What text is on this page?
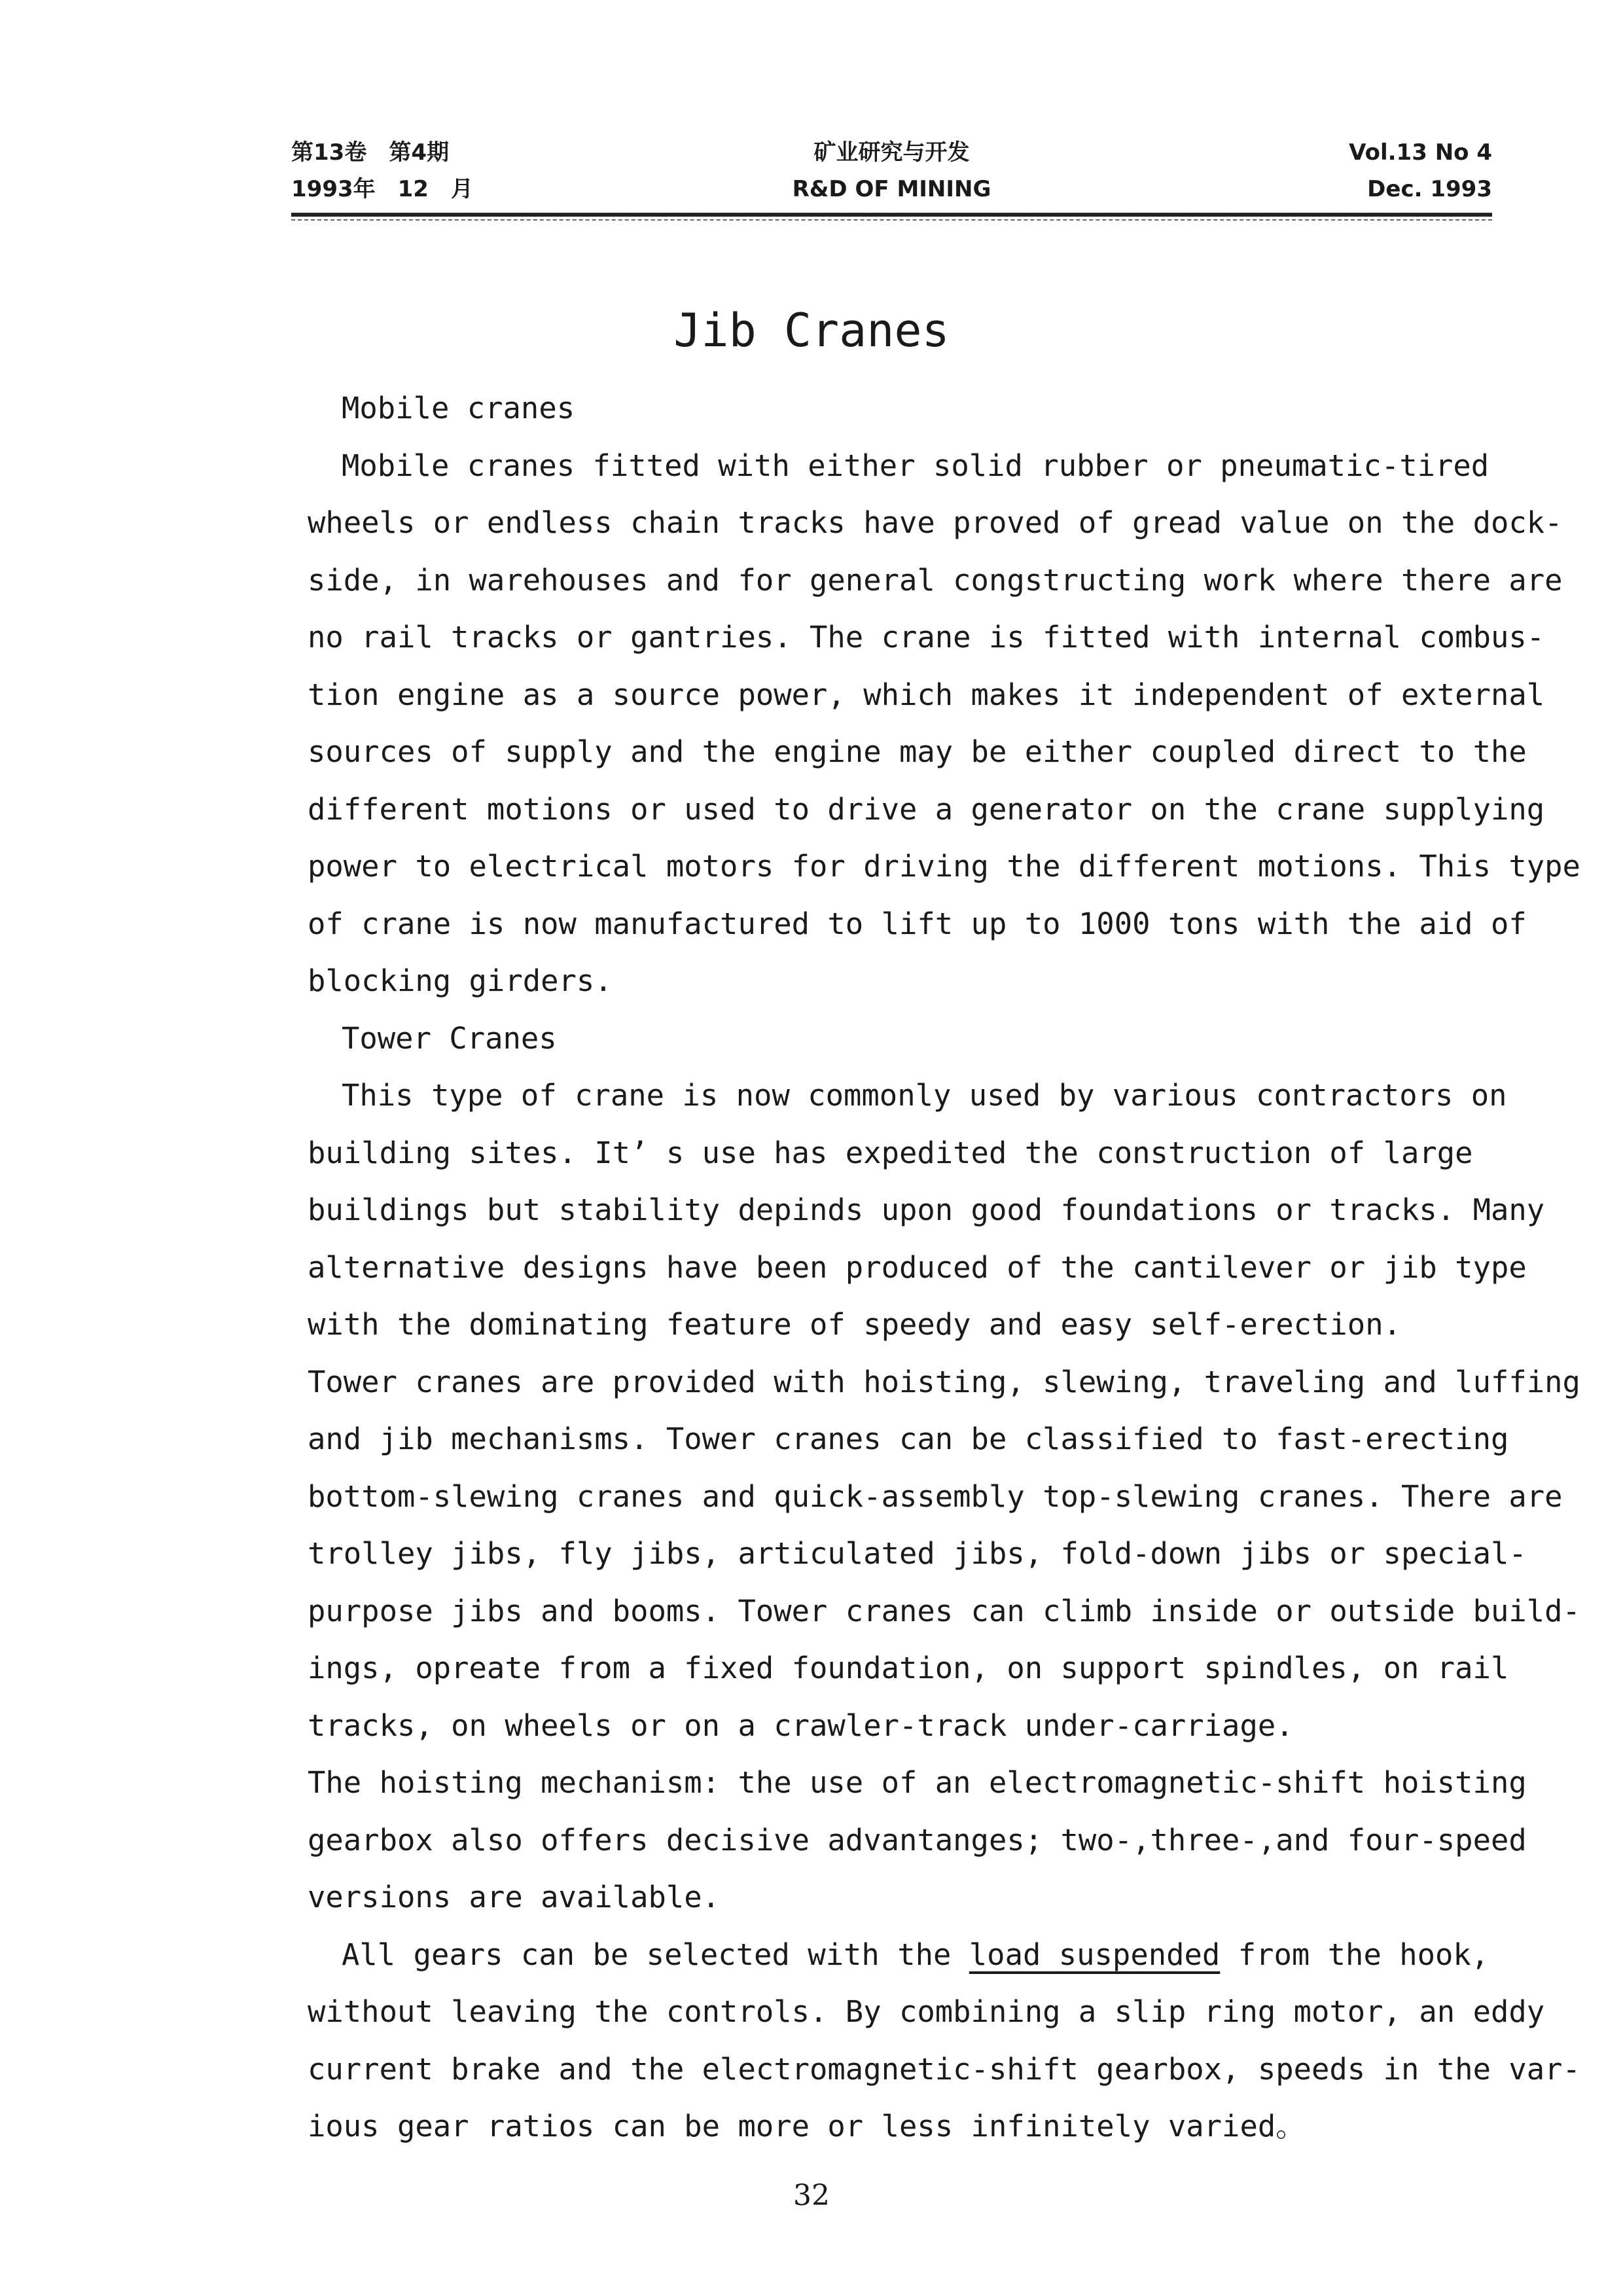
第13卷　第4期
1993年　12　月
矿业研究与开发
R&D OF MINING
Vol.13 No 4
Dec. 1993
Jib Cranes
Mobile cranes
Mobile cranes fitted with either solid rubber or pneumatic-tired
wheels or endless chain tracks have proved of gread value on the dock-
side, in warehouses and for general congstructing work where there are
no rail tracks or gantries. The crane is fitted with internal combus-
tion engine as a source power, which makes it independent of external
sources of supply and the engine may be either coupled direct to the
different motions or used to drive a generator on the crane supplying
power to electrical motors for driving the different motions. This type
of crane is now manufactured to lift up to 1000 tons with the aid of
blocking girders.
Tower Cranes
This type of crane is now commonly used by various contractors on
building sites. It’ s use has expedited the construction of large
buildings but stability depinds upon good foundations or tracks. Many
alternative designs have been produced of the cantilever or jib type
with the dominating feature of speedy and easy self-erection.
Tower cranes are provided with hoisting, slewing, traveling and luffing
and jib mechanisms. Tower cranes can be classified to fast-erecting
bottom-slewing cranes and quick-assembly top-slewing cranes. There are
trolley jibs, fly jibs, articulated jibs, fold-down jibs or special-
purpose jibs and booms. Tower cranes can climb inside or outside build-
ings, opreate from a fixed foundation, on support spindles, on rail
tracks, on wheels or on a crawler-track under-carriage.
The hoisting mechanism: the use of an electromagnetic-shift hoisting
gearbox also offers decisive advantanges; two-,three-,and four-speed
versions are available.
All gears can be selected with the load suspended from the hook,
without leaving the controls. By combining a slip ring motor, an eddy
current brake and the electromagnetic-shift gearbox, speeds in the var-
ious gear ratios can be more or less infinitely varied。
32
